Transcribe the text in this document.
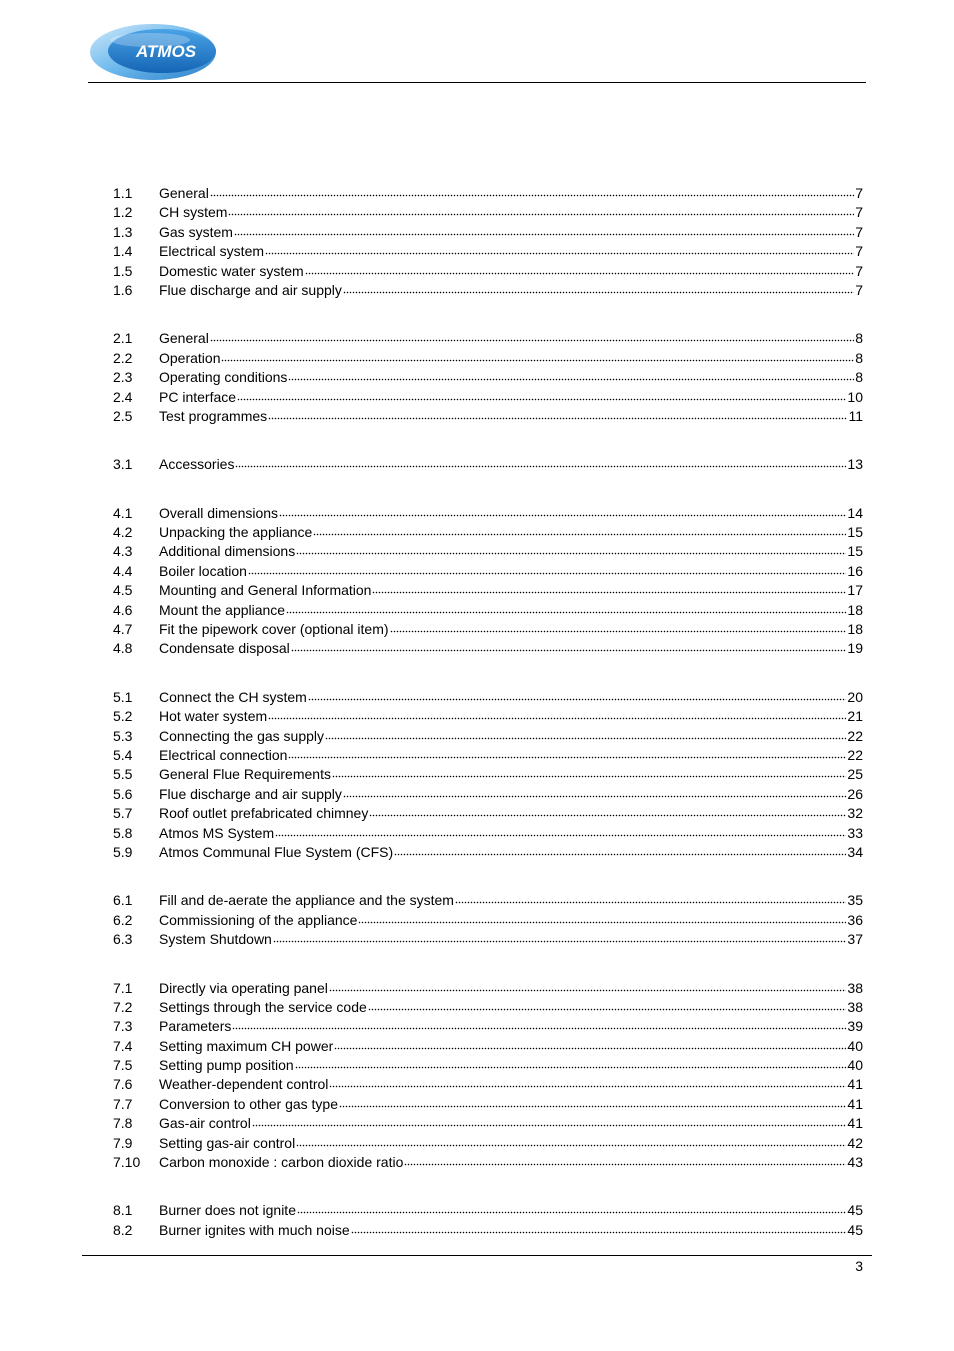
ATMOS
1.1	General	7
1.2	CH system	7
1.3	Gas system	7
1.4	Electrical system	7
1.5	Domestic water system	7
1.6	Flue discharge and air supply	7
2.1	General	8
2.2	Operation	8
2.3	Operating conditions	8
2.4	PC interface	10
2.5	Test programmes	11
3.1	Accessories	13
4.1	Overall dimensions	14
4.2	Unpacking the appliance	15
4.3	Additional dimensions	15
4.4	Boiler location	16
4.5	Mounting and General Information	17
4.6	Mount the appliance	18
4.7	Fit the pipework cover (optional item)	18
4.8	Condensate disposal	19
5.1	Connect the CH system	20
5.2	Hot water system	21
5.3	Connecting the gas supply	22
5.4	Electrical connection	22
5.5	General Flue Requirements	25
5.6	Flue discharge and air supply	26
5.7	Roof outlet prefabricated chimney	32
5.8	Atmos MS System	33
5.9	Atmos Communal Flue System (CFS)	34
6.1	Fill and de-aerate the appliance and the system	35
6.2	Commissioning of the appliance	36
6.3	System Shutdown	37
7.1	Directly via operating panel	38
7.2	Settings through the service code	38
7.3	Parameters	39
7.4	Setting maximum CH power	40
7.5	Setting pump position	40
7.6	Weather-dependent control	41
7.7	Conversion to other gas type	41
7.8	Gas-air control	41
7.9	Setting gas-air control	42
7.10	Carbon monoxide : carbon dioxide ratio	43
8.1	Burner does not ignite	45
8.2	Burner ignites with much noise	45
3
